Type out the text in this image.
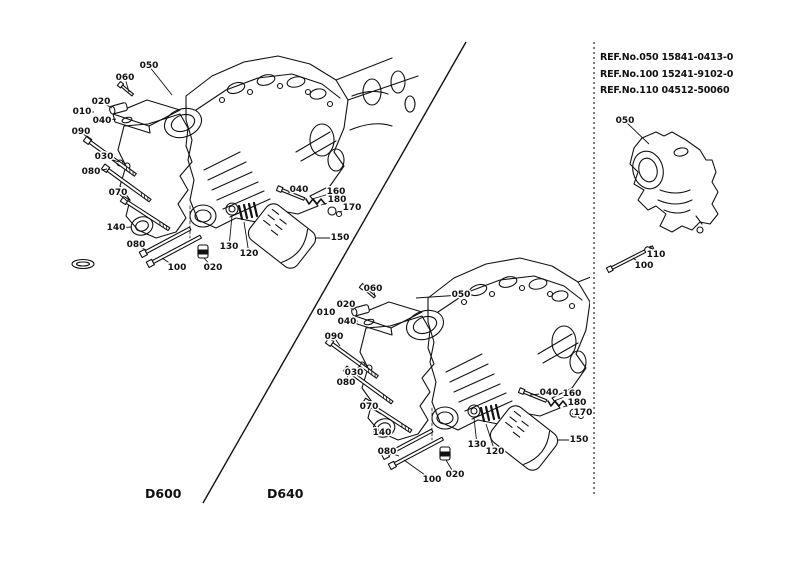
060
050
020
010
040
090
030
080
070
140
080
100 020
130
120
040 160
180
170
150
060
050
020
010
040
090
030
080
070
140
080
100 020
130
120
040 160
180
170
150
050
110
100
REF.No.050 15841-0413-0
REF.No.100 15241-9102-0
REF.No.110 04512-50060
D600	D640
